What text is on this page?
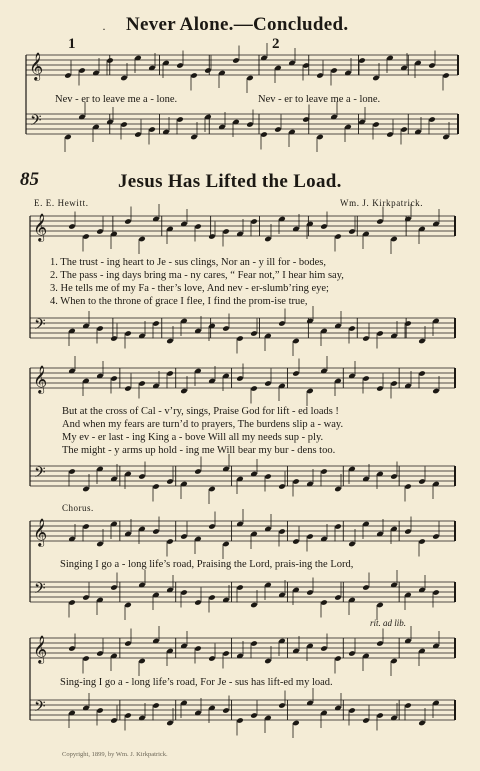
𝄞
𝄢
𝄞
𝄢
𝄞
𝄢
𝄞
𝄢
𝄞
𝄢
Never Alone.—Concluded.
·
1	2
Nev - er to leave me a - lone.	Nev - er to leave me a - lone.
85	Jesus Has Lifted the Load.
E. E. Hewitt.	Wm. J. Kirkpatrick.
1. The trust - ing heart to Je - sus clings, Nor an - y ill for - bodes,
2. The pass - ing days bring ma - ny cares, “ Fear not,” I hear him say,
3. He tells me of my Fa - ther’s love, And nev - er-slumb’ring eye;
4. When to the throne of grace I flee, I find the prom-ise true,
But at the cross of Cal - v’ry, sings, Praise God for lift - ed loads !
And when my fears are turn’d to prayers, The burdens slip a - way.
My ev - er last - ing King a - bove Will all my needs sup - ply.
The might - y arms up hold - ing me Will bear my bur - dens too.
Chorus.
Singing I go a - long life’s road, Praising the Lord, prais-ing the Lord,
rit. ad lib.
Sing-ing I go a - long life’s road, For Je - sus has lift-ed my load.
Copyright, 1899, by Wm. J. Kirkpatrick.
